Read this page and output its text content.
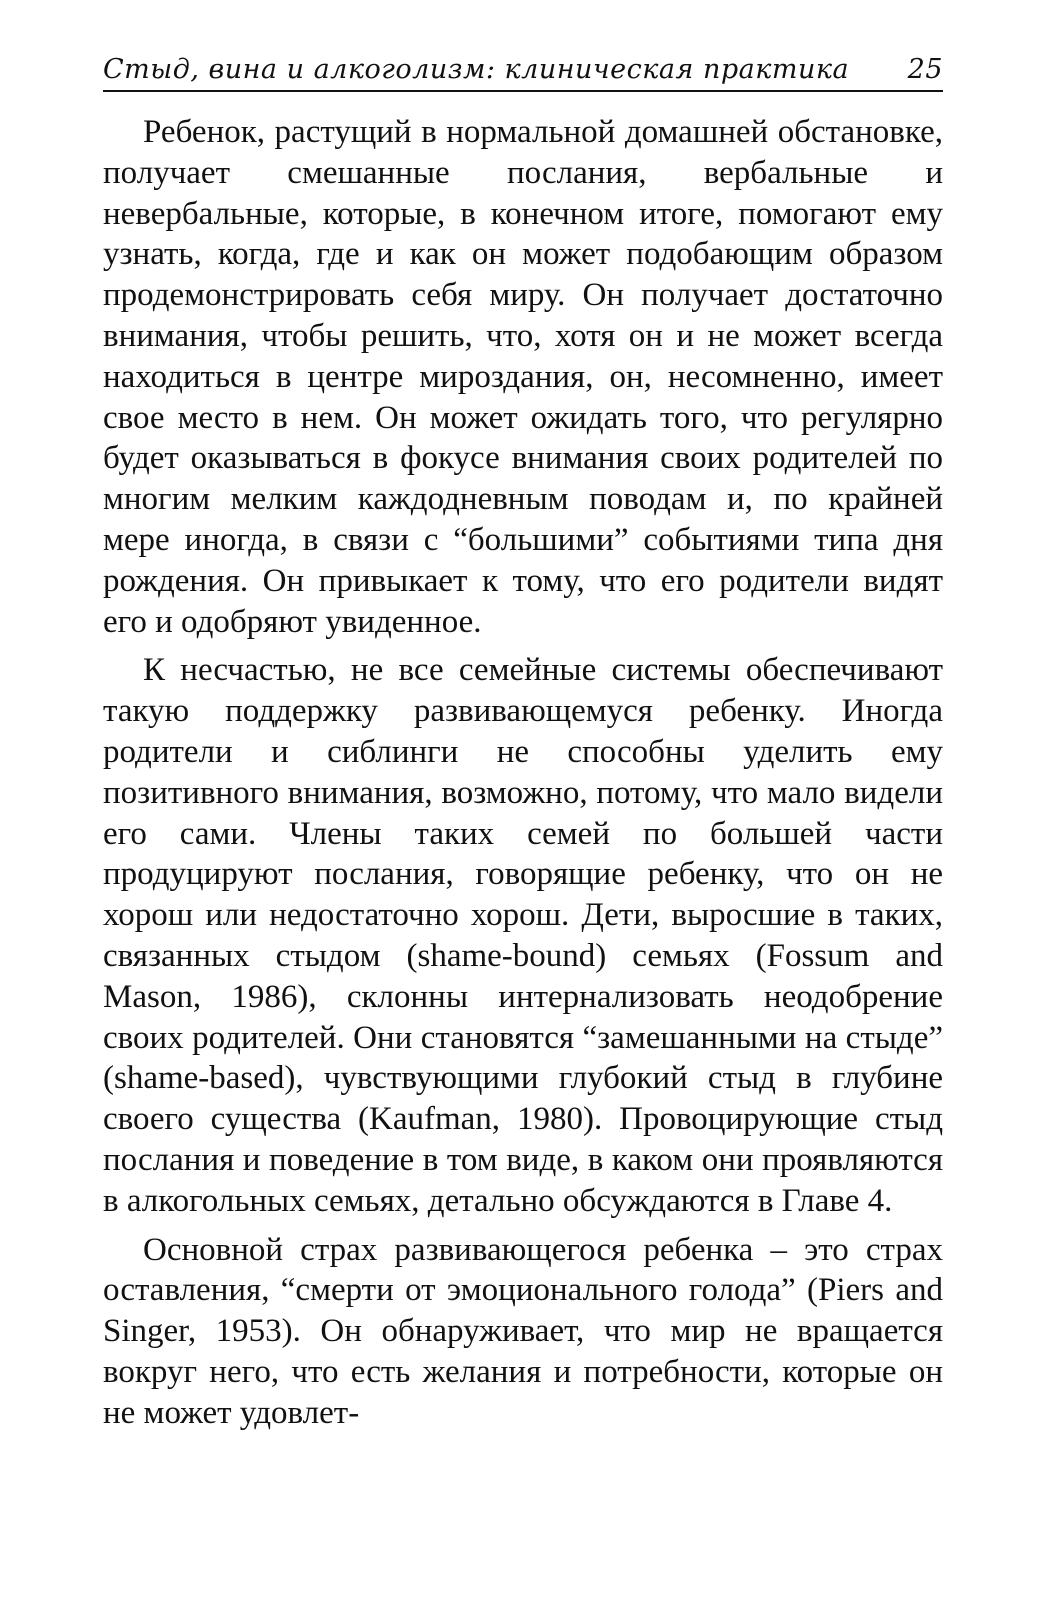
Стыд, вина и алкоголизм: клиническая практика 25

Ребенок, растущий в нормальной домашней обстановке, получает смешанные послания, вербальные и невербальные, которые, в конечном итоге, помогают ему узнать, когда, где и как он может подобающим образом продемонстрировать себя миру. Он получает достаточно внимания, чтобы решить, что, хотя он и не может всегда находиться в центре мироздания, он, несомненно, имеет свое место в нем. Он может ожидать того, что регулярно будет оказываться в фокусе внимания своих родителей по многим мелким каждодневным поводам и, по крайней мере иногда, в связи с “большими” событиями типа дня рождения. Он привыкает к тому, что его родители видят его и одобряют увиденное.

К несчастью, не все семейные системы обеспечивают такую поддержку развивающемуся ребенку. Иногда родители и сиблинги не способны уделить ему позитивного внимания, возможно, потому, что мало видели его сами. Члены таких семей по большей части продуцируют послания, говорящие ребенку, что он не хорош или недостаточно хорош. Дети, выросшие в таких, связанных стыдом (shame-bound) семьях (Fossum and Mason, 1986), склонны интернализовать неодобрение своих родителей. Они становятся “замешанными на стыде” (shame-based), чувствующими глубокий стыд в глубине своего существа (Kaufman, 1980). Провоцирующие стыд послания и поведение в том виде, в каком они проявляются в алкогольных семьях, детально обсуждаются в Главе 4.

Основной страх развивающегося ребенка – это страх оставления, “смерти от эмоционального голода” (Piers and Singer, 1953). Он обнаруживает, что мир не вращается вокруг него, что есть желания и потребности, которые он не может удовлет-
